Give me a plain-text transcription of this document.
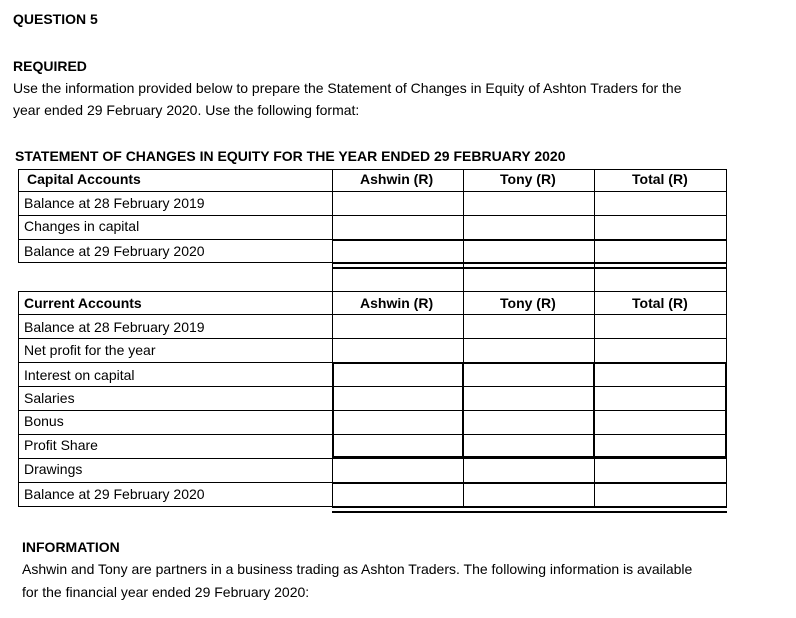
QUESTION 5
REQUIRED
Use the information provided below to prepare the Statement of Changes in Equity of Ashton Traders for the
year ended 29 February 2020. Use the following format:
STATEMENT OF CHANGES IN EQUITY FOR THE YEAR ENDED 29 FEBRUARY 2020
Capital Accounts	Ashwin (R)	Tony (R)	Total (R)
Balance at 28 February 2019
Changes in capital
Balance at 29 February 2020
Current Accounts	Ashwin (R)	Tony (R)	Total (R)
Balance at 28 February 2019
Net profit for the year
Interest on capital
Salaries
Bonus
Profit Share
Drawings
Balance at 29 February 2020
INFORMATION
Ashwin and Tony are partners in a business trading as Ashton Traders. The following information is available
for the financial year ended 29 February 2020:
